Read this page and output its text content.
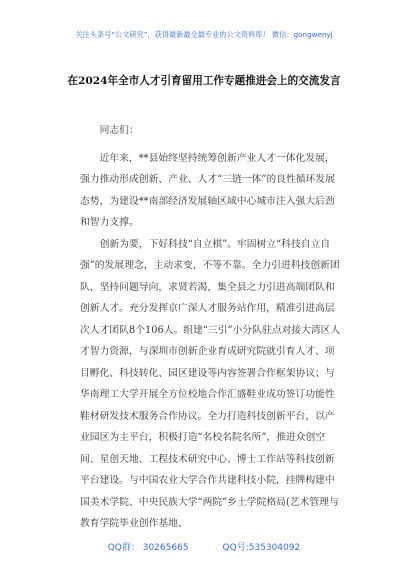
关注头条号“公文研究”，获得最新最全最专业的公文资料库！ 微信：gongwenyj
在2024年全市人才引育留用工作专题推进会上的交流发言

同志们：

近年来，**县始终坚持统筹创新产业人才一体化发展，强力推动形成创新、产业、人才“三链一体”的良性循环发展态势，为建设**南部经济发展轴区域中心城市注入强大后劲和智力支撑。

创新为要，下好科技“自立棋”。牢固树立“科技自立自强”的发展理念，主动求变，不等不靠。全力引进科技创新团队，坚持问题导向，求贤若渴，集全县之力引进高端团队和创新人才。充分发挥京广深人才服务站作用，精准引进高层次人才团队8个106人。组建“三引”小分队驻点对接大湾区人才智力资源，与深圳市创新企业育成研究院就引育人才、项目孵化、科技转化、园区建设等内容签署合作框架协议；与华南理工大学开展全方位校地合作汇盛鞋业成功签订功能性鞋材研发技术服务合作协议。全力打造科技创新平台，以产业园区为主平台，积极打造“名校名院名所”，推进众创空间、星创天地、工程技术研究中心、博士工作站等科技创新平台建设。与中国农业大学合作共建科技小院，挂牌构建中国美术学院、中央民族大学“两院”乡土学院格局(艺术管理与教育学院毕业创作基地、

QQ群： 30265665	QQ号:535304092
